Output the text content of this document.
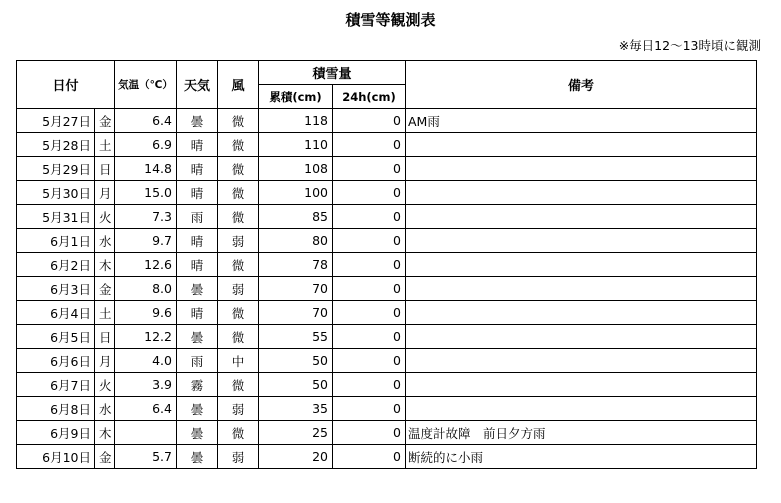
積雪等観測表
※毎日12〜13時頃に観測
日付		気温（℃）	天気	風	積雪量		備考
					累積(cm)	24h(cm)	
5月27日	金	6.4	曇	微	118	0	AM雨
5月28日	土	6.9	晴	微	110	0	
5月29日	日	14.8	晴	微	108	0	
5月30日	月	15.0	晴	微	100	0	
5月31日	火	7.3	雨	微	85	0	
6月1日	水	9.7	晴	弱	80	0	
6月2日	木	12.6	晴	微	78	0	
6月3日	金	8.0	曇	弱	70	0	
6月4日	土	9.6	晴	微	70	0	
6月5日	日	12.2	曇	微	55	0	
6月6日	月	4.0	雨	中	50	0	
6月7日	火	3.9	霧	微	50	0	
6月8日	水	6.4	曇	弱	35	0	
6月9日	木		曇	微	25	0	温度計故障　前日夕方雨
6月10日	金	5.7	曇	弱	20	0	断続的に小雨
